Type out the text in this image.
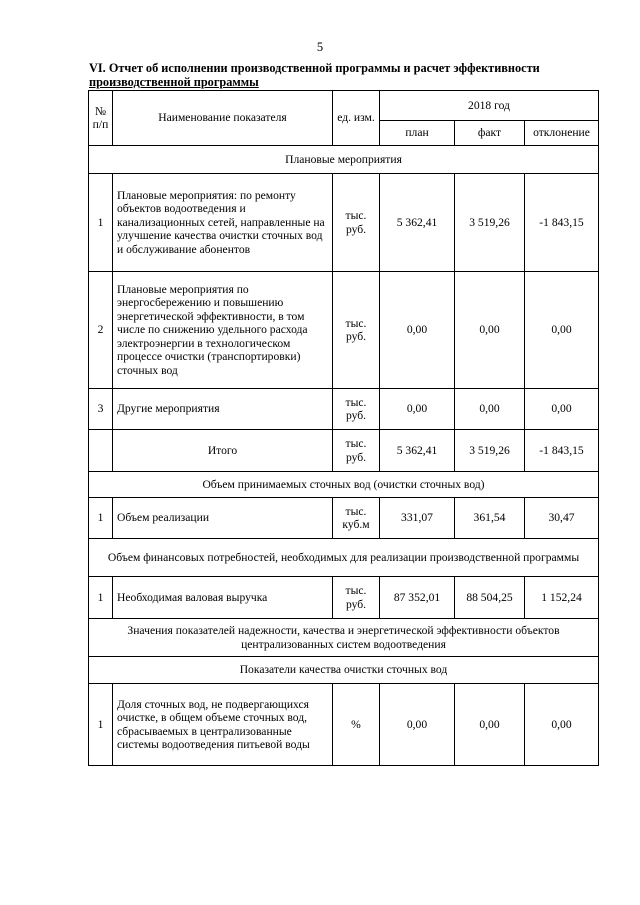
5
VI. Отчет об исполнении производственной программы и расчет эффективности
производственной программы
№ п/п	Наименование показателя	ед. изм.	2018 год		
			план	факт	отклонение
Плановые мероприятия					
1	Плановые мероприятия: по ремонту объектов водоотведения и канализационных сетей, направленные на улучшение качества очистки сточных вод и обслуживание абонентов	тыс. руб.	5 362,41	3 519,26	-1 843,15
2	Плановые мероприятия по энергосбережению и повышению энергетической эффективности, в том числе по снижению удельного расхода электроэнергии в технологическом процессе очистки (транспортировки) сточных вод	тыс. руб.	0,00	0,00	0,00
3	Другие мероприятия	тыс. руб.	0,00	0,00	0,00
	Итого	тыс. руб.	5 362,41	3 519,26	-1 843,15
Объем принимаемых сточных вод (очистки сточных вод)					
1	Объем реализации	тыс. куб.м	331,07	361,54	30,47
Объем финансовых потребностей, необходимых для реализации производственной программы					
1	Необходимая валовая выручка	тыс. руб.	87 352,01	88 504,25	1 152,24
Значения показателей надежности, качества и энергетической эффективности объектов централизованных систем водоотведения					
Показатели качества очистки сточных вод					
1	Доля сточных вод, не подвергающихся очистке, в общем объеме сточных вод, сбрасываемых в централизованные системы водоотведения питьевой воды	%	0,00	0,00	0,00
